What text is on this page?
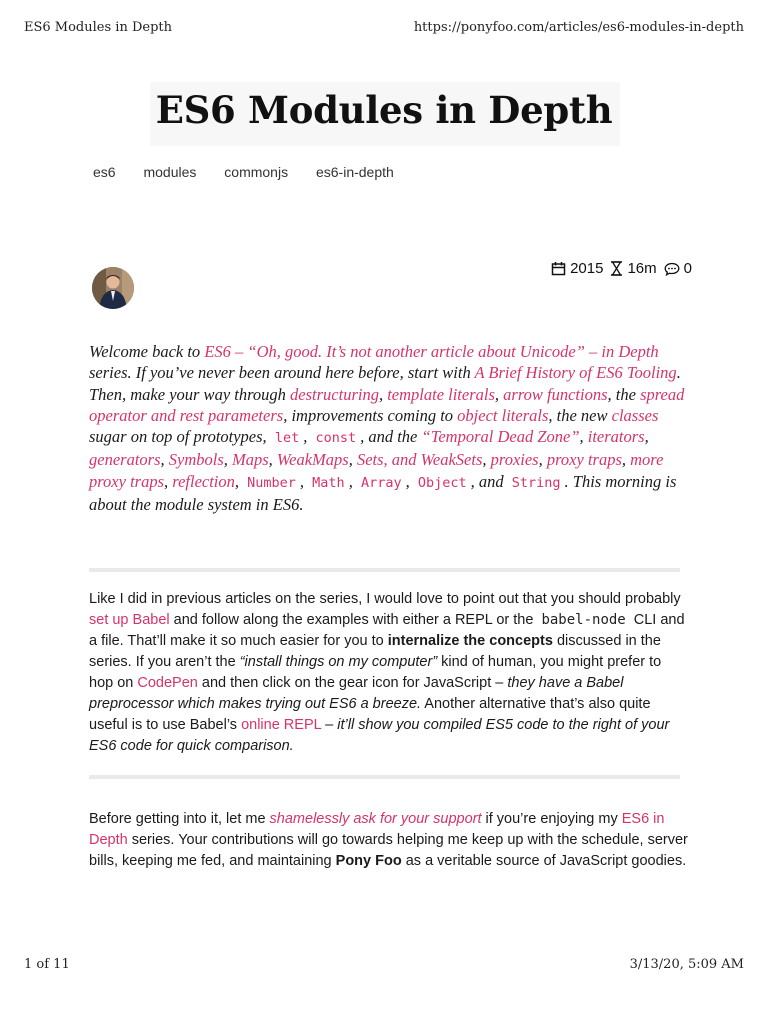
ES6 Modules in Depth	https://ponyfoo.com/articles/es6-modules-in-depth
ES6 Modules in Depth
es6 modules commonjs es6-in-depth
2015 16m 0

Welcome back to ES6 – “Oh, good. It’s not another article about Unicode” – in Depth series. If you’ve never been around here before, start with A Brief History of ES6 Tooling. Then, make your way through destructuring, template literals, arrow functions, the spread operator and rest parameters, improvements coming to object literals, the new classes sugar on top of prototypes, let , const , and the “Temporal Dead Zone”, iterators, generators, Symbols, Maps, WeakMaps, Sets, and WeakSets, proxies, proxy traps, more proxy traps, reflection, Number , Math , Array , Object , and String . This morning is about the module system in ES6.

Like I did in previous articles on the series, I would love to point out that you should probably set up Babel and follow along the examples with either a REPL or the babel-node CLI and a file. That’ll make it so much easier for you to internalize the concepts discussed in the series. If you aren’t the “install things on my computer” kind of human, you might prefer to hop on CodePen and then click on the gear icon for JavaScript – they have a Babel preprocessor which makes trying out ES6 a breeze. Another alternative that’s also quite useful is to use Babel’s online REPL – it’ll show you compiled ES5 code to the right of your ES6 code for quick comparison.

Before getting into it, let me shamelessly ask for your support if you’re enjoying my ES6 in Depth series. Your contributions will go towards helping me keep up with the schedule, server bills, keeping me fed, and maintaining Pony Foo as a veritable source of JavaScript goodies.

1 of 11	3/13/20, 5:09 AM
